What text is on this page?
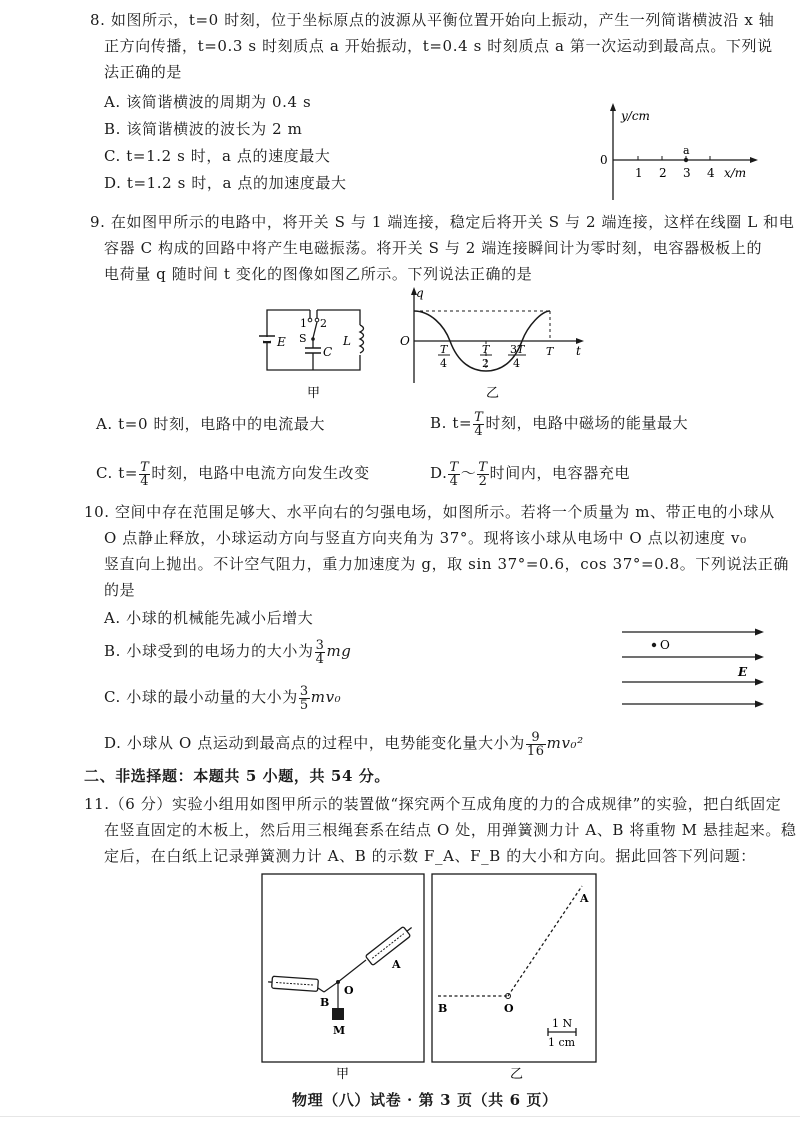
8. 如图所示，t=0 时刻，位于坐标原点的波源从平衡位置开始向上振动，产生一列简谐横波沿 x 轴
正方向传播，t=0.3 s 时刻质点 a 开始振动，t=0.4 s 时刻质点 a 第一次运动到最高点。下列说
法正确的是
A. 该简谐横波的周期为 0.4 s
B. 该简谐横波的波长为 2 m
C. t=1.2 s 时，a 点的速度最大
D. t=1.2 s 时，a 点的加速度最大
y/cm
0
1 2 3 4 x/m
a
9. 在如图甲所示的电路中，将开关 S 与 1 端连接，稳定后将开关 S 与 2 端连接，这样在线圈 L 和电
容器 C 构成的回路中将产生电磁振荡。将开关 S 与 2 端连接瞬间计为零时刻，电容器极板上的
电荷量 q 随时间 t 变化的图像如图乙所示。下列说法正确的是
E
1 2
S
C
L
甲
q
O
T
4
T
2
3 T
4
T t
乙
A. t=0 时刻，电路中的电流最大	B. $t= \frac{T}{4}$ 时刻，电路中磁场的能量最大
C. $t= \frac{T}{4}$ 时刻，电路中电流方向发生改变	D. $\frac{T}{4}$ ～ $\frac{T}{2}$ 时间内，电容器充电
10. 空间中存在范围足够大、水平向右的匀强电场，如图所示。若将一个质量为 m、带正电的小球从
O 点静止释放，小球运动方向与竖直方向夹角为 37°。现将该小球从电场中 O 点以初速度 v₀
竖直向上抛出。不计空气阻力，重力加速度为 g，取 sin 37°=0.6，cos 37°=0.8。下列说法正确
的是
A. 小球的机械能先减小后增大
B. 小球受到的电场力的大小为 $\frac{3}{4}$ mg
C. 小球的最小动量的大小为 $\frac{3}{5} mv_0$
D. 小球从 O 点运动到最高点的过程中，电势能变化量大小为 $\frac{9}{16} mv_0^2$
O
E
二、非选择题：本题共 5 小题，共 54 分。
11.（6 分）实验小组用如图甲所示的装置做“探究两个互成角度的力的合成规律”的实验，把白纸固定
在竖直固定的木板上，然后用三根绳套系在结点 O 处，用弹簧测力计 A、B 将重物 M 悬挂起来。稳
定后，在白纸上记录弹簧测力计 A、B 的示数 F_A、F_B 的大小和方向。据此回答下列问题：
B
O
A
M
甲
B	O
A
1 N
1 cm
乙
物理（八）试卷 · 第 3 页（共 6 页）
